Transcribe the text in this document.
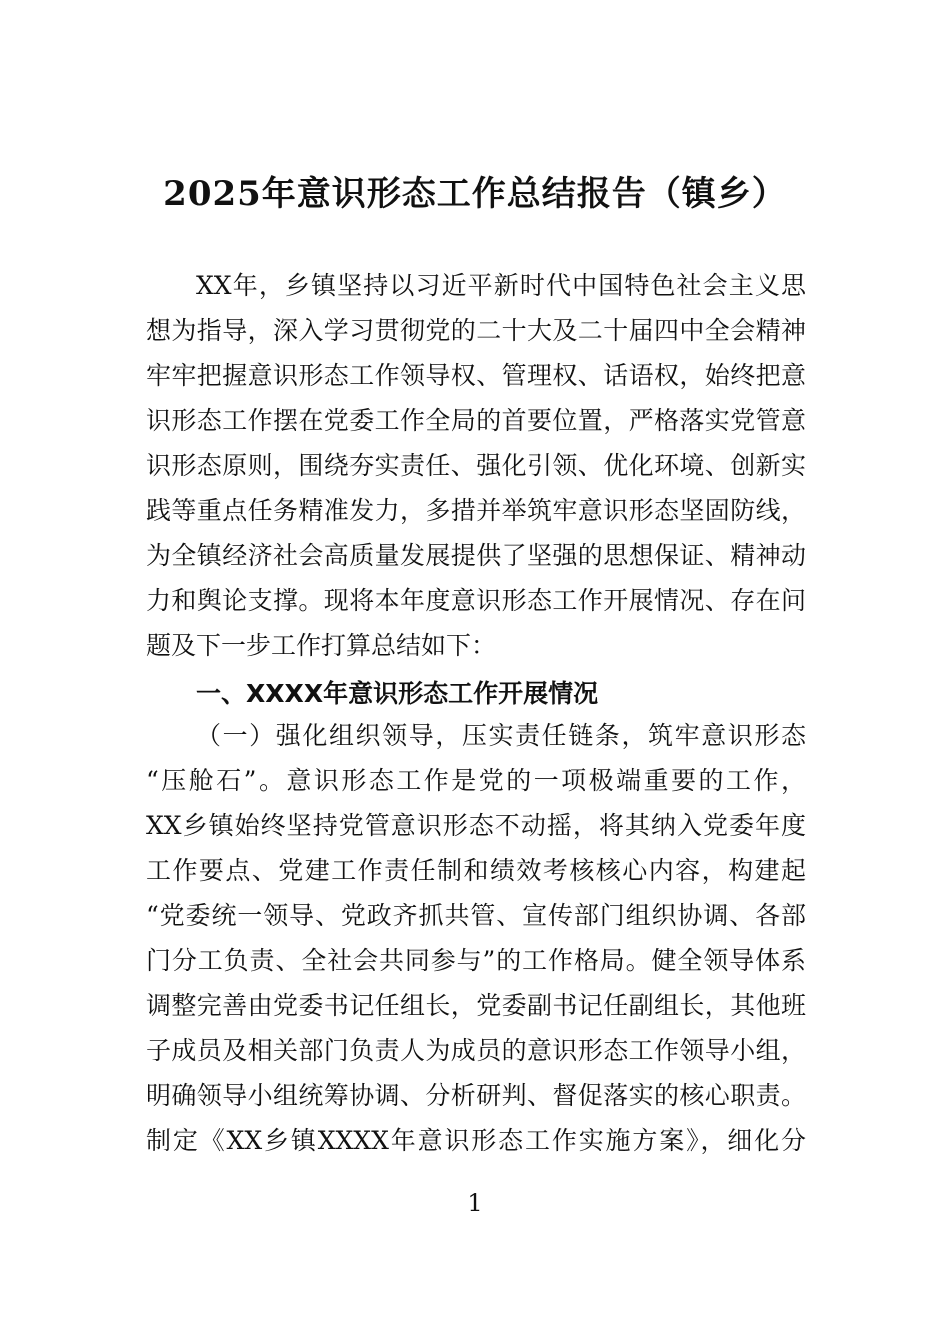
2025年意识形态工作总结报告（镇乡）

XX年，乡镇坚持以习近平新时代中国特色社会主义思

想为指导，深入学习贯彻党的二十大及二十届四中全会精神

牢牢把握意识形态工作领导权、管理权、话语权，始终把意

识形态工作摆在党委工作全局的首要位置，严格落实党管意

识形态原则，围绕夯实责任、强化引领、优化环境、创新实

践等重点任务精准发力，多措并举筑牢意识形态坚固防线，

为全镇经济社会高质量发展提供了坚强的思想保证、精神动

力和舆论支撑。现将本年度意识形态工作开展情况、存在问

题及下一步工作打算总结如下：

一、XXXX年意识形态工作开展情况

（一）强化组织领导，压实责任链条，筑牢意识形态

“压舱石”。意识形态工作是党的一项极端重要的工作，

XX乡镇始终坚持党管意识形态不动摇，将其纳入党委年度

工作要点、党建工作责任制和绩效考核核心内容，构建起

“党委统一领导、党政齐抓共管、宣传部门组织协调、各部

门分工负责、全社会共同参与”的工作格局。健全领导体系

调整完善由党委书记任组长，党委副书记任副组长，其他班

子成员及相关部门负责人为成员的意识形态工作领导小组，

明确领导小组统筹协调、分析研判、督促落实的核心职责。

制定《XX乡镇XXXX年意识形态工作实施方案》，细化分

1
